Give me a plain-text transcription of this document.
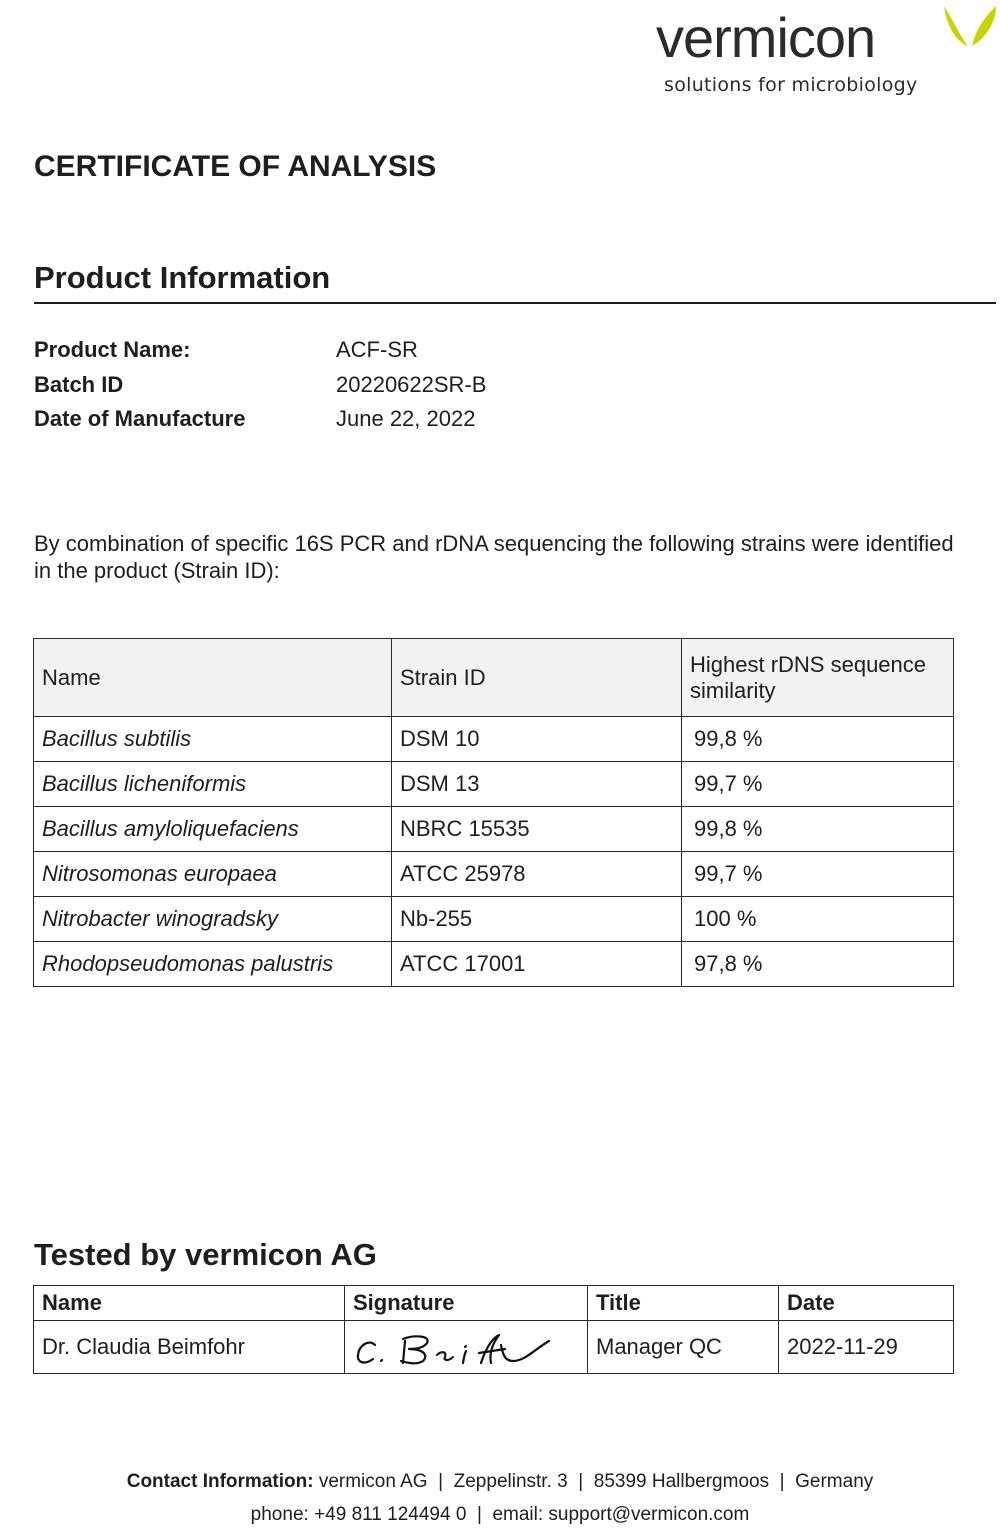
vermicon
solutions for microbiology
CERTIFICATE OF ANALYSIS
Product Information
Product Name:	ACF-SR
Batch ID	20220622SR-B
Date of Manufacture	June 22, 2022

By combination of specific 16S PCR and rDNA sequencing the following strains were identified in the product (Strain ID):

Name	Strain ID	Highest rDNS sequence similarity
Bacillus subtilis	DSM 10	99,8 %
Bacillus licheniformis	DSM 13	99,7 %
Bacillus amyloliquefaciens	NBRC 15535	99,8 %
Nitrosomonas europaea	ATCC 25978	99,7 %
Nitrobacter winogradsky	Nb-255	100 %
Rhodopseudomonas palustris	ATCC 17001	97,8 %
Tested by vermicon AG
Name	Signature	Title	Date
Dr. Claudia Beimfohr		Manager QC	2022-11-29
Contact Information: vermicon AG  |  Zeppelinstr. 3  |  85399 Hallbergmoos  |  Germany
phone: +49 811 124494 0  |  email: support@vermicon.com
